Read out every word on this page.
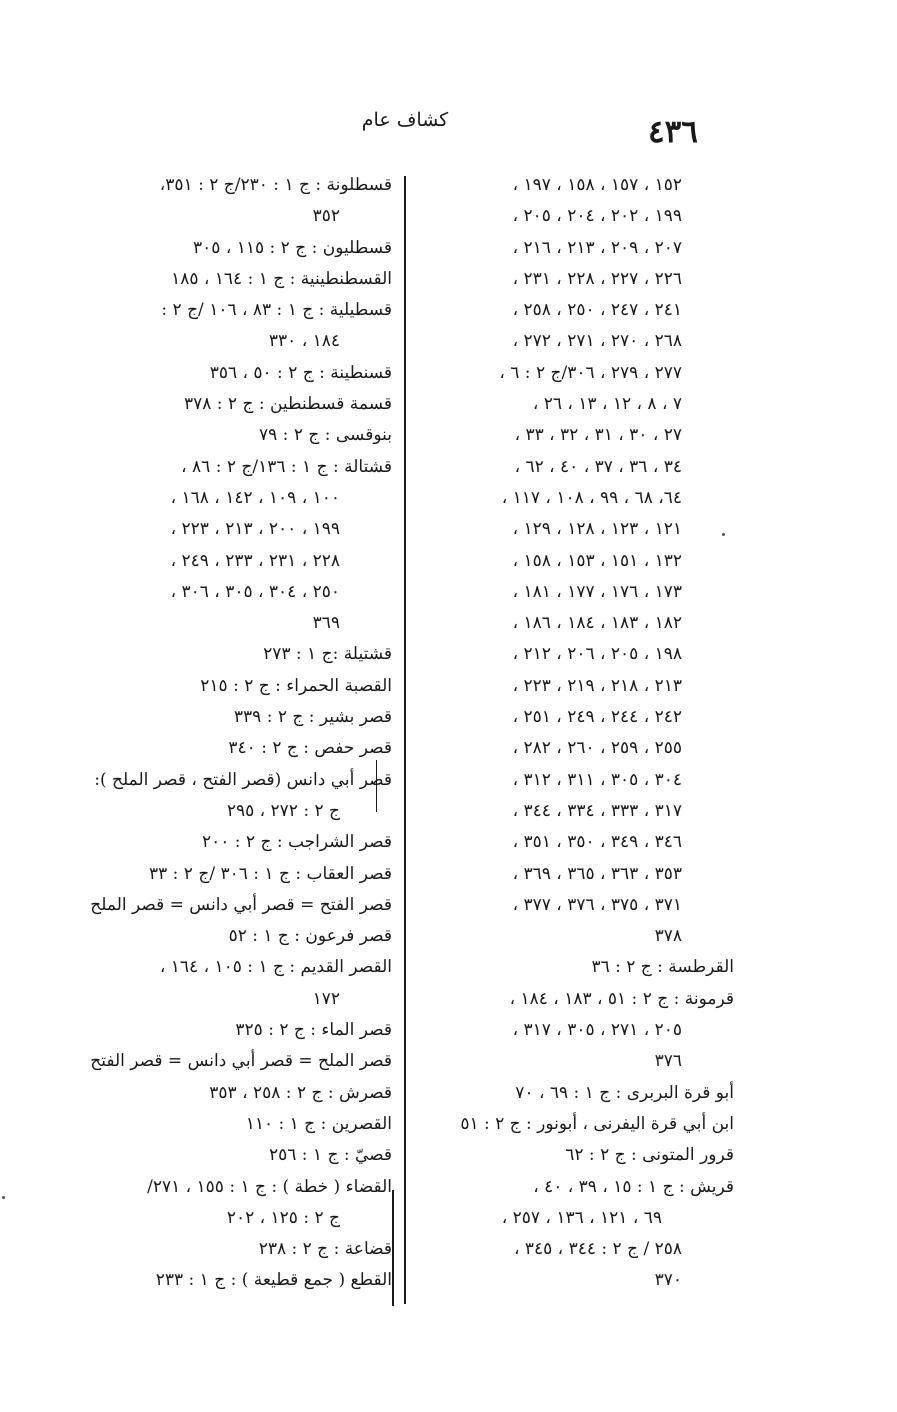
٤٣٦
كشاف عام
١٥٢ ، ١٥٧ ، ١٥٨ ، ١٩٧ ،
١٩٩ ، ٢٠٢ ، ٢٠٤ ، ٢٠٥ ،
٢٠٧ ، ٢٠٩ ، ٢١٣ ، ٢١٦ ،
٢٢٦ ، ٢٢٧ ، ٢٢٨ ، ٢٣١ ،
٢٤١ ، ٢٤٧ ، ٢٥٠ ، ٢٥٨ ،
٢٦٨ ، ٢٧٠ ، ٢٧١ ، ٢٧٢ ،
٢٧٧ ، ٢٧٩ ، ٣٠٦/ج ٢ : ٦ ،
٧ ، ٨ ، ١٢ ، ١٣ ، ٢٦ ،
٢٧ ، ٣٠ ، ٣١ ، ٣٢ ، ٣٣ ،
٣٤ ، ٣٦ ، ٣٧ ، ٤٠ ، ٦٢ ،
٦٤، ٦٨ ، ٩٩ ، ١٠٨ ، ١١٧ ،
١٢١ ، ١٢٣ ، ١٢٨ ، ١٢٩ ،
١٣٢ ، ١٥١ ، ١٥٣ ، ١٥٨ ،
١٧٣ ، ١٧٦ ، ١٧٧ ، ١٨١ ،
١٨٢ ، ١٨٣ ، ١٨٤ ، ١٨٦ ،
١٩٨ ، ٢٠٥ ، ٢٠٦ ، ٢١٢ ،
٢١٣ ، ٢١٨ ، ٢١٩ ، ٢٢٣ ،
٢٤٢ ، ٢٤٤ ، ٢٤٩ ، ٢٥١ ،
٢٥٥ ، ٢٥٩ ، ٢٦٠ ، ٢٨٢ ،
٣٠٤ ، ٣٠٥ ، ٣١١ ، ٣١٢ ،
٣١٧ ، ٣٣٣ ، ٣٣٤ ، ٣٤٤ ،
٣٤٦ ، ٣٤٩ ، ٣٥٠ ، ٣٥١ ،
٣٥٣ ، ٣٦٣ ، ٣٦٥ ، ٣٦٩ ،
٣٧١ ، ٣٧٥ ، ٣٧٦ ، ٣٧٧ ،
٣٧٨
القرطسة : ج ٢ : ٣٦
قرمونة : ج ٢ : ٥١ ، ١٨٣ ، ١٨٤ ،
٢٠٥ ، ٢٧١ ، ٣٠٥ ، ٣١٧ ،
٣٧٦
أبو قرة البربرى : ج ١ : ٦٩ ، ٧٠
ابن أبي قرة اليفرنى ، أبونور : ج ٢ : ٥١
قرور المتونى : ج ٢ : ٦٢
قريش : ج ١ : ١٥ ، ٣٩ ، ٤٠ ،
٦٩ ، ١٢١ ، ١٣٦ ، ٢٥٧ ،
٢٥٨ / ج ٢ : ٣٤٤ ، ٣٤٥ ،
٣٧٠
قسطلونة : ج ١ : ٢٣٠/ج ٢ : ٣٥١،
٣٥٢
قسطليون : ج ٢ : ١١٥ ، ٣٠٥
القسطنطينية : ج ١ : ١٦٤ ، ١٨٥
قسطيلية : ج ١ : ٨٣ ، ١٠٦ /ج ٢ :
١٨٤ ، ٣٣٠
قسنطينة : ج ٢ : ٥٠ ، ٣٥٦
قسمة قسطنطين : ج ٢ : ٣٧٨
بنوقسى : ج ٢ : ٧٩
قشتالة : ج ١ : ١٣٦/ج ٢ : ٨٦ ،
١٠٠ ، ١٠٩ ، ١٤٢ ، ١٦٨ ،
١٩٩ ، ٢٠٠ ، ٢١٣ ، ٢٢٣ ،
٢٢٨ ، ٢٣١ ، ٢٣٣ ، ٢٤٩ ،
٢٥٠ ، ٣٠٤ ، ٣٠٥ ، ٣٠٦ ،
٣٦٩
قشتيلة :ج ١ : ٢٧٣
القصبة الحمراء : ج ٢ : ٢١٥
قصر بشير : ج ٢ : ٣٣٩
قصر حفص : ج ٢ : ٣٤٠
قصر أبي دانس (قصر الفتح ، قصر الملح ):
ج ٢ : ٢٧٢ ، ٢٩٥
قصر الشراجب : ج ٢ : ٢٠٠
قصر العقاب : ج ١ : ٣٠٦ /ج ٢ : ٣٣
قصر الفتح = قصر أبي دانس = قصر الملح
قصر فرعون : ج ١ : ٥٢
القصر القديم : ج ١ : ١٠٥ ، ١٦٤ ،
١٧٢
قصر الماء : ج ٢ : ٣٢٥
قصر الملح = قصر أبي دانس = قصر الفتح
قصرش : ج ٢ : ٢٥٨ ، ٣٥٣
القصرين : ج ١ : ١١٠
قصيّ : ج ١ : ٢٥٦
القضاء ( خطة ) : ج ١ : ١٥٥ ، ٢٧١/
ج ٢ : ١٢٥ ، ٢٠٢
قضاعة : ج ٢ : ٢٣٨
القطع ( جمع قطيعة ) : ج ١ : ٢٣٣
